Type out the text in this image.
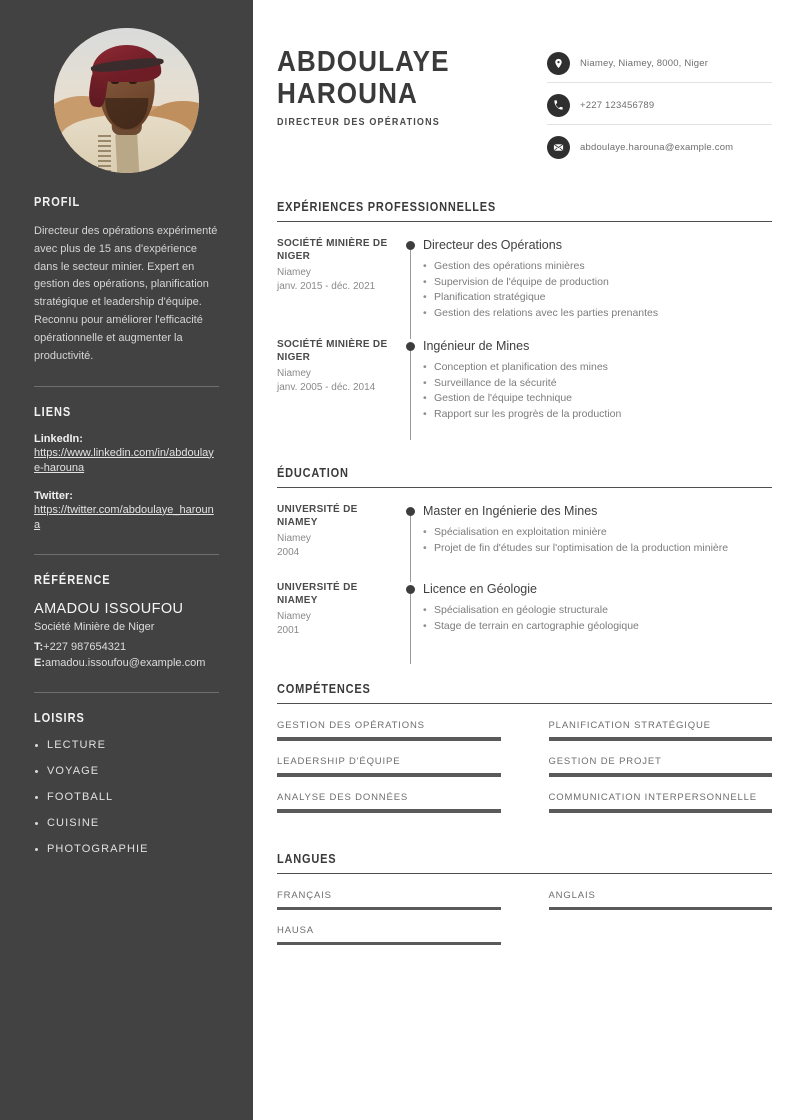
PROFIL
Directeur des opérations expérimenté avec plus de 15 ans d'expérience dans le secteur minier. Expert en gestion des opérations, planification stratégique et leadership d'équipe. Reconnu pour améliorer l'efficacité opérationnelle et augmenter la productivité.
LIENS
LinkedIn:
https://www.linkedin.com/in/abdoulaye-harouna
Twitter:
https://twitter.com/abdoulaye_harouna
RÉFÉRENCE
AMADOU ISSOUFOU
Société Minière de Niger
T:+227 987654321
E:amadou.issoufou@example.com
LOISIRS
LECTURE
VOYAGE
FOOTBALL
CUISINE
PHOTOGRAPHIE
ABDOULAYE
HAROUNA
DIRECTEUR DES OPÉRATIONS
Niamey, Niamey, 8000, Niger
+227 123456789
abdoulaye.harouna@example.com
EXPÉRIENCES PROFESSIONNELLES
SOCIÉTÉ MINIÈRE DE NIGER
Niamey
janv. 2015 - déc. 2021
Directeur des Opérations
• Gestion des opérations minières
• Supervision de l'équipe de production
• Planification stratégique
• Gestion des relations avec les parties prenantes
SOCIÉTÉ MINIÈRE DE NIGER
Niamey
janv. 2005 - déc. 2014
Ingénieur de Mines
• Conception et planification des mines
• Surveillance de la sécurité
• Gestion de l'équipe technique
• Rapport sur les progrès de la production
ÉDUCATION
UNIVERSITÉ DE NIAMEY
Niamey
2004
Master en Ingénierie des Mines
• Spécialisation en exploitation minière
• Projet de fin d'études sur l'optimisation de la production minière
UNIVERSITÉ DE NIAMEY
Niamey
2001
Licence en Géologie
• Spécialisation en géologie structurale
• Stage de terrain en cartographie géologique
COMPÉTENCES
GESTION DES OPÉRATIONS	PLANIFICATION STRATÉGIQUE
LEADERSHIP D'ÉQUIPE	GESTION DE PROJET
ANALYSE DES DONNÉES	COMMUNICATION INTERPERSONNELLE
LANGUES
FRANÇAIS	ANGLAIS
HAUSA
